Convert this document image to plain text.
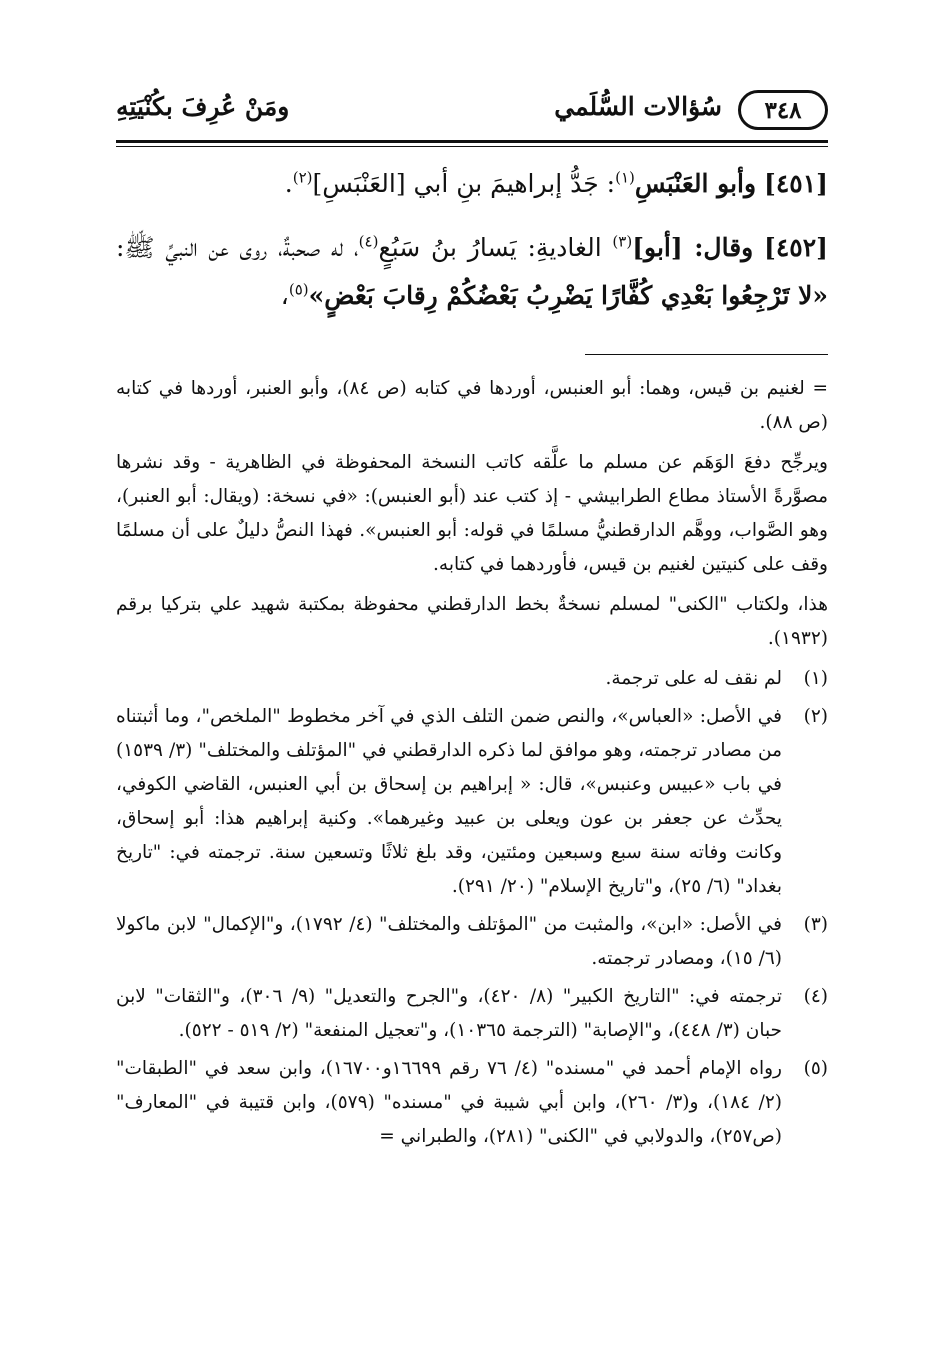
٣٤٨
سُؤالات السُّلَمي
ومَنْ عُرِفَ بكُنْيَتِهِ

[٤٥١] وأبو العَنْبَسِ$^{(١)}$: جَدُّ إبراهيمَ بنِ أبي [العَنْبَسِ]$^{(٢)}$.

[٤٥٢] وقال: [أبو]$^{(٣)}$ الغاديةِ: يَسارُ بنُ سَبُعٍ$^{(٤)}$، له صحبةٌ، روى عن النبيِّ ﷺ: «لا تَرْجِعُوا بَعْدِي كُفَّارًا يَضْرِبُ بَعْضُكُمْ رِقابَ بَعْضٍ»$^{(٥)}$،

= لغنيم بن قيس، وهما: أبو العنبس، أوردها في كتابه (ص ٨٤)، وأبو العنبر، أوردها في كتابه (ص ٨٨).

ويرجِّح دفعَ الوَهَم عن مسلم ما علَّقه كاتب النسخة المحفوظة في الظاهرية - وقد نشرها مصوَّرةً الأستاذ مطاع الطرابيشي - إذ كتب عند (أبو العنبس): «في نسخة: (ويقال: أبو العنبر)، وهو الصَّواب، ووهَّم الدارقطنيُّ مسلمًا في قوله: أبو العنبس». فهذا النصُّ دليلٌ على أن مسلمًا وقف على كنيتين لغنيم بن قيس، فأوردهما في كتابه.

هذا، ولكتاب "الكنى" لمسلم نسخةٌ بخط الدارقطني محفوظة بمكتبة شهيد علي بتركيا برقم (١٩٣٢).

(١)
لم نقف له على ترجمة.
(٢)
في الأصل: «العباس»، والنص ضمن التلف الذي في آخر مخطوط "الملخص"، وما أثبتناه من مصادر ترجمته، وهو موافق لما ذكره الدارقطني في "المؤتلف والمختلف" (٣/ ١٥٣٩) في باب «عبيس وعنبس»، قال: « إبراهيم بن إسحاق بن أبي العنبس، القاضي الكوفي، يحدِّث عن جعفر بن عون ويعلى بن عبيد وغيرهما». وكنية إبراهيم هذا: أبو إسحاق، وكانت وفاته سنة سبع وسبعين ومئتين، وقد بلغ ثلاثًا وتسعين سنة. ترجمته في: "تاريخ بغداد" (٦/ ٢٥)، و"تاريخ الإسلام" (٢٠/ ٢٩١).
(٣)
في الأصل: «ابن»، والمثبت من "المؤتلف والمختلف" (٤/ ١٧٩٢)، و"الإكمال" لابن ماكولا (٦/ ١٥)، ومصادر ترجمته.
(٤)
ترجمته في: "التاريخ الكبير" (٨/ ٤٢٠)، و"الجرح والتعديل" (٩/ ٣٠٦)، و"الثقات" لابن حبان (٣/ ٤٤٨)، و"الإصابة" (الترجمة ١٠٣٦٥)، و"تعجيل المنفعة" (٢/ ٥١٩ - ٥٢٢).
(٥)
رواه الإمام أحمد في "مسنده" (٤/ ٧٦ رقم ١٦٦٩٩و١٦٧٠٠)، وابن سعد في "الطبقات" (٢/ ١٨٤)، و(٣/ ٢٦٠)، وابن أبي شيبة في "مسنده" (٥٧٩)، وابن قتيبة في "المعارف" (ص٢٥٧)، والدولابي في "الكنى" (٢٨١)، والطبراني =
